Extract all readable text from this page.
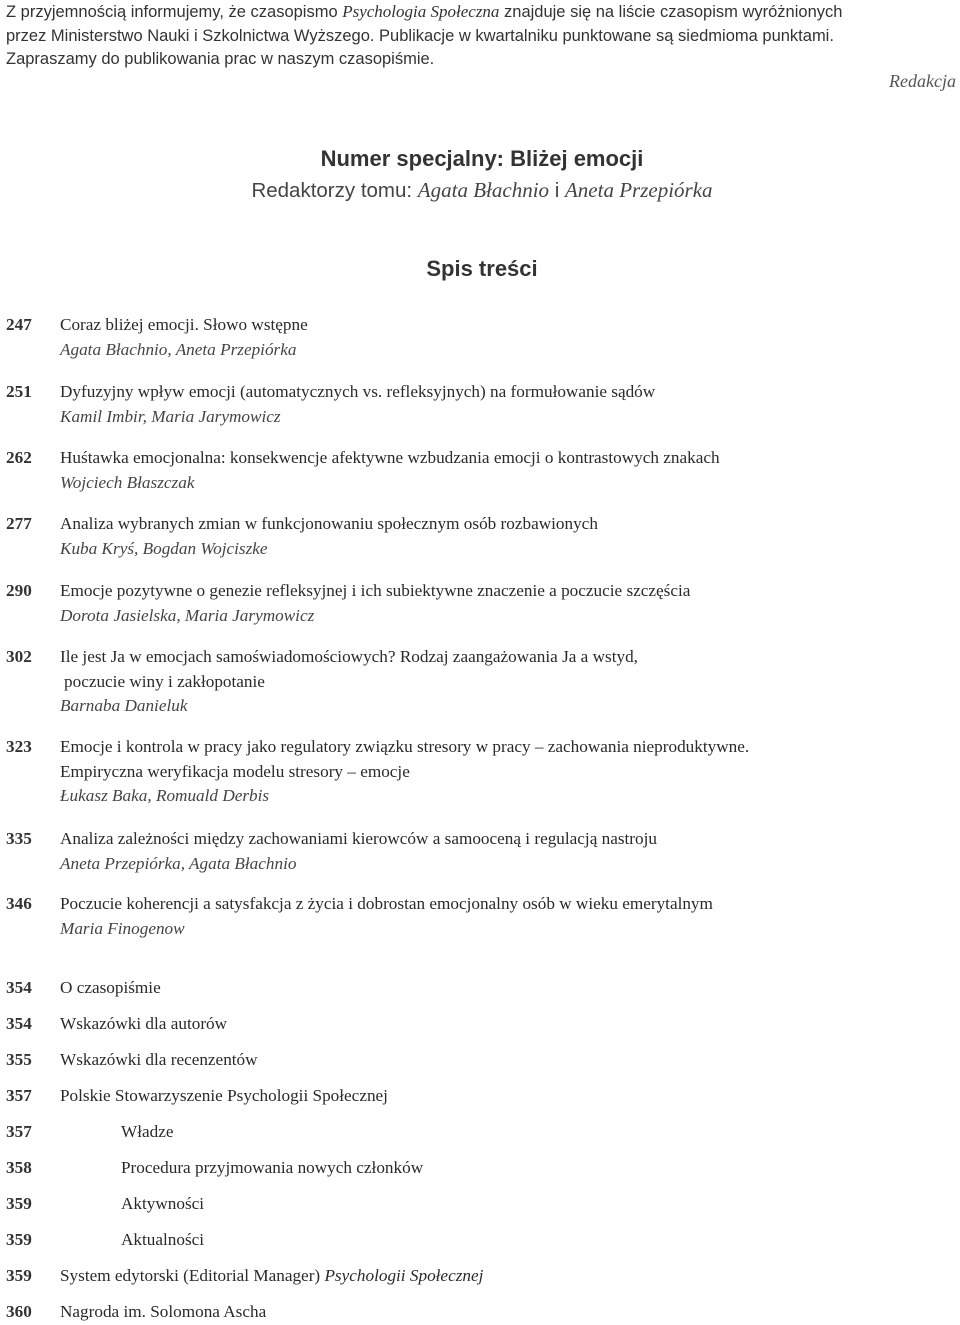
Z przyjemnością informujemy, że czasopismo Psychologia Społeczna znajduje się na liście czasopism wyróżnionych
przez Ministerstwo Nauki i Szkolnictwa Wyższego. Publikacje w kwartalniku punktowane są siedmioma punktami.
Zapraszamy do publikowania prac w naszym czasopiśmie.
Redakcja
Numer specjalny: Bliżej emocji
Redaktorzy tomu: Agata Błachnio i Aneta Przepiórka
Spis treści
247 Coraz bliżej emocji. Słowo wstępne
Agata Błachnio, Aneta Przepiórka
251 Dyfuzyjny wpływ emocji (automatycznych vs. refleksyjnych) na formułowanie sądów
Kamil Imbir, Maria Jarymowicz
262 Huśtawka emocjonalna: konsekwencje afektywne wzbudzania emocji o kontrastowych znakach
Wojciech Błaszczak
277 Analiza wybranych zmian w funkcjonowaniu społecznym osób rozbawionych
Kuba Kryś, Bogdan Wojciszke
290 Emocje pozytywne o genezie refleksyjnej i ich subiektywne znaczenie a poczucie szczęścia
Dorota Jasielska, Maria Jarymowicz
302 Ile jest Ja w emocjach samoświadomościowych? Rodzaj zaangażowania Ja a wstyd,
poczucie winy i zakłopotanie
Barnaba Danieluk
323 Emocje i kontrola w pracy jako regulatory związku stresory w pracy – zachowania nieproduktywne.
Empiryczna weryfikacja modelu stresory – emocje
Łukasz Baka, Romuald Derbis
335 Analiza zależności między zachowaniami kierowców a samooceną i regulacją nastroju
Aneta Przepiórka, Agata Błachnio
346 Poczucie koherencji a satysfakcja z życia i dobrostan emocjonalny osób w wieku emerytalnym
Maria Finogenow
354 O czasopiśmie
354 Wskazówki dla autorów
355 Wskazówki dla recenzentów
357 Polskie Stowarzyszenie Psychologii Społecznej
357	Władze
358	Procedura przyjmowania nowych członków
359	Aktywności
359	Aktualności
359 System edytorski (Editorial Manager) Psychologii Społecznej
360 Nagroda im. Solomona Ascha
